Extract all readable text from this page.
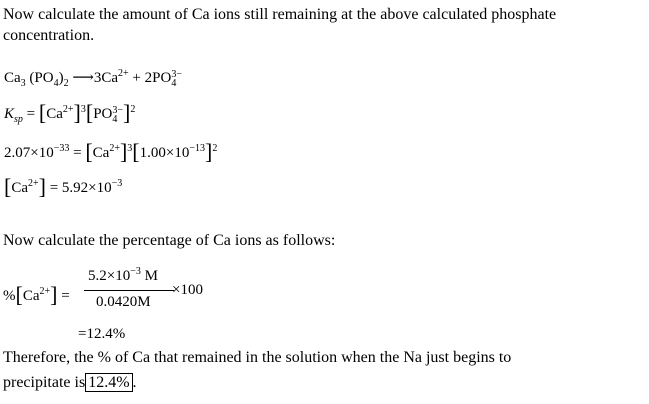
Now calculate the amount of Ca ions still remaining at the above calculated phosphate
concentration.
$Ca_3$ $(PO_4)_2$ $⟶3Ca^{2+} + 2PO$ 3−
4
$K_{sp} = [Ca^{2+}]^3[PO$ 3−
4 ]$^2$
$2.07\times 10^{-33} = [Ca^{2+}]^3[1.00\times 10^{-13}]^2$
$[Ca^{2+}] = 5.92\times 10^{-3}$
Now calculate the percentage of Ca ions as follows:
$\%[Ca^{2+}]$ =
$5.2\times 10^{-3}$ M
0.0420M
×100
=12.4%
Therefore, the % of Ca that remained in the solution when the Na just begins to
precipitate is 12.4% .
